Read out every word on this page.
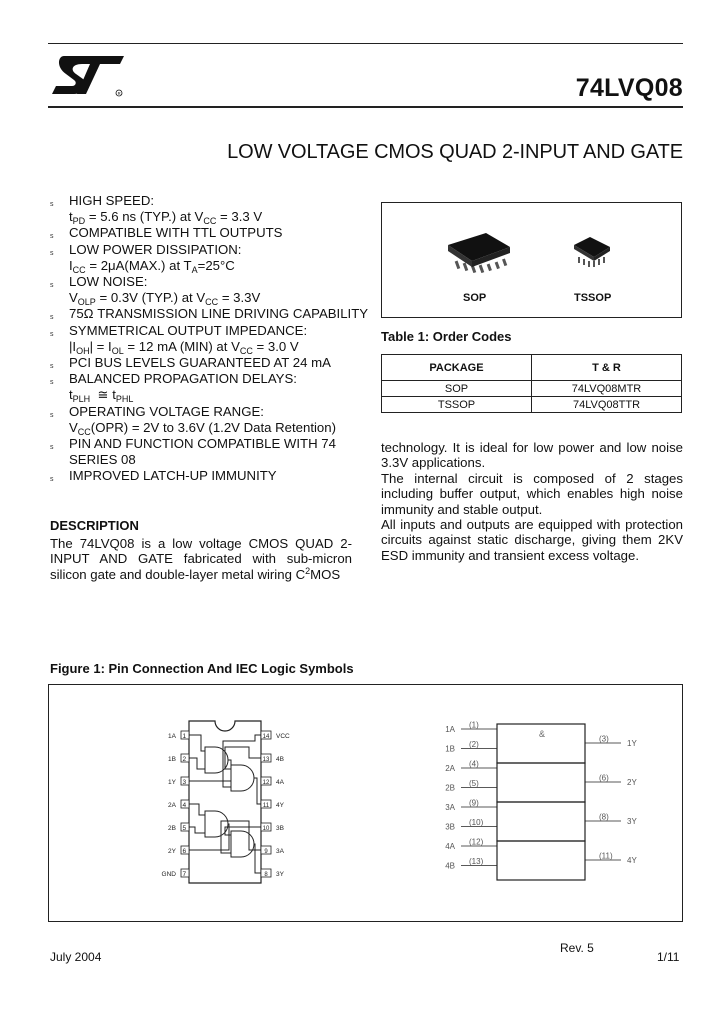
R	74LVQ08
LOW VOLTAGE CMOS QUAD 2-INPUT AND GATE
s HIGH SPEED:
$t_{PD} = 5.6$ ns (TYP.) at $V_{CC} = 3.3$ V
s COMPATIBLE WITH TTL OUTPUTS
s LOW POWER DISSIPATION:
$I_{CC} = 2\mu A(MAX.)$ at $T_A=25^\circ C$
s LOW NOISE:
$V_{OLP} = 0.3V$ (TYP.) at $V_{CC} = 3.3V$
s 75Ω TRANSMISSION LINE DRIVING CAPABILITY
s SYMMETRICAL OUTPUT IMPEDANCE:
$|I_{OH}| = I_{OL} = 12$ mA (MIN) at $V_{CC} = 3.0$ V
s PCI BUS LEVELS GUARANTEED AT 24 mA
s BALANCED PROPAGATION DELAYS:
$t_{PLH}$  ≅ $t_{PHL}$
s OPERATING VOLTAGE RANGE:
$V_{CC}(OPR) = 2V$ to 3.6V (1.2V Data Retention)
s PIN AND FUNCTION COMPATIBLE WITH 74 SERIES 08
s IMPROVED LATCH-UP IMMUNITY
SOP	TSSOP
Table 1: Order Codes
PACKAGE	T & R
SOP	74LVQ08MTR
TSSOP	74LVQ08TTR
DESCRIPTION
The 74LVQ08 is a low voltage CMOS QUAD 2-INPUT AND GATE fabricated with sub-micron silicon gate and double-layer metal wiring $C^2MOS$
technology. It is ideal for low power and low noise 3.3V applications.
The internal circuit is composed of 2 stages including buffer output, which enables high noise immunity and stable output.
All inputs and outputs are equipped with protection circuits against static discharge, giving them 2KV ESD immunity and transient excess voltage.
Figure 1: Pin Connection And IEC Logic Symbols
1
1A
2
1B
3
1Y
4
2A
5
2B
6
2Y
7
GND
14 VCC
13 4B
12 4A
11 4Y
10 3B
9 3A
8 3Y
&
1A (1)
1B (2)
2A (4)
2B (5)
3A (9)
3B (10)
4A (12)
4B (13)
(3) 1Y
(6) 2Y
(8) 3Y
(11) 4Y
Rev. 5
July 2004	1/11
